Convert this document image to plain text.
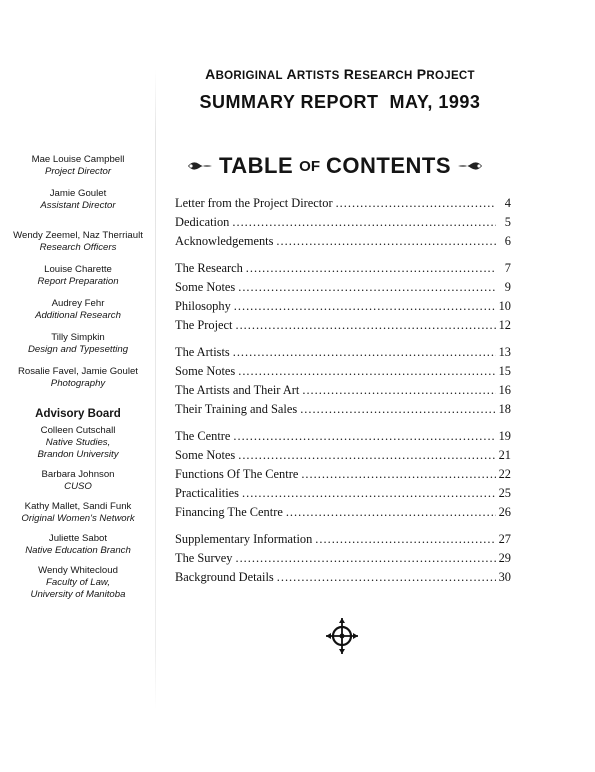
ABORIGINAL ARTISTS RESEARCH PROJECT
SUMMARY REPORT  MAY, 1993
Mae Louise Campbell
Project Director
Jamie Goulet
Assistant Director
Wendy Zeemel, Naz Therriault
Research Officers
Louise Charette
Report Preparation
Audrey Fehr
Additional Research
Tilly Simpkin
Design and Typesetting
Rosalie Favel, Jamie Goulet
Photography
Advisory Board
Colleen Cutschall
Native Studies,
Brandon University
Barbara Johnson
CUSO
Kathy Mallet, Sandi Funk
Original Women's Network
Juliette Sabot
Native Education Branch
Wendy Whitecloud
Faculty of Law,
University of Manitoba
TABLE OF CONTENTS
Letter from the Project Director .....	4
Dedication .....	5
Acknowledgements .....	6
The Research .....	7
Some Notes .....	9
Philosophy .....	10
The Project .....	12
The Artists .....	13
Some Notes .....	15
The Artists and Their Art .....	16
Their Training and Sales .....	18
The Centre .....	19
Some Notes .....	21
Functions Of The Centre .....	22
Practicalities .....	25
Financing The Centre .....	26
Supplementary Information .....	27
The Survey .....	29
Background Details .....	30
